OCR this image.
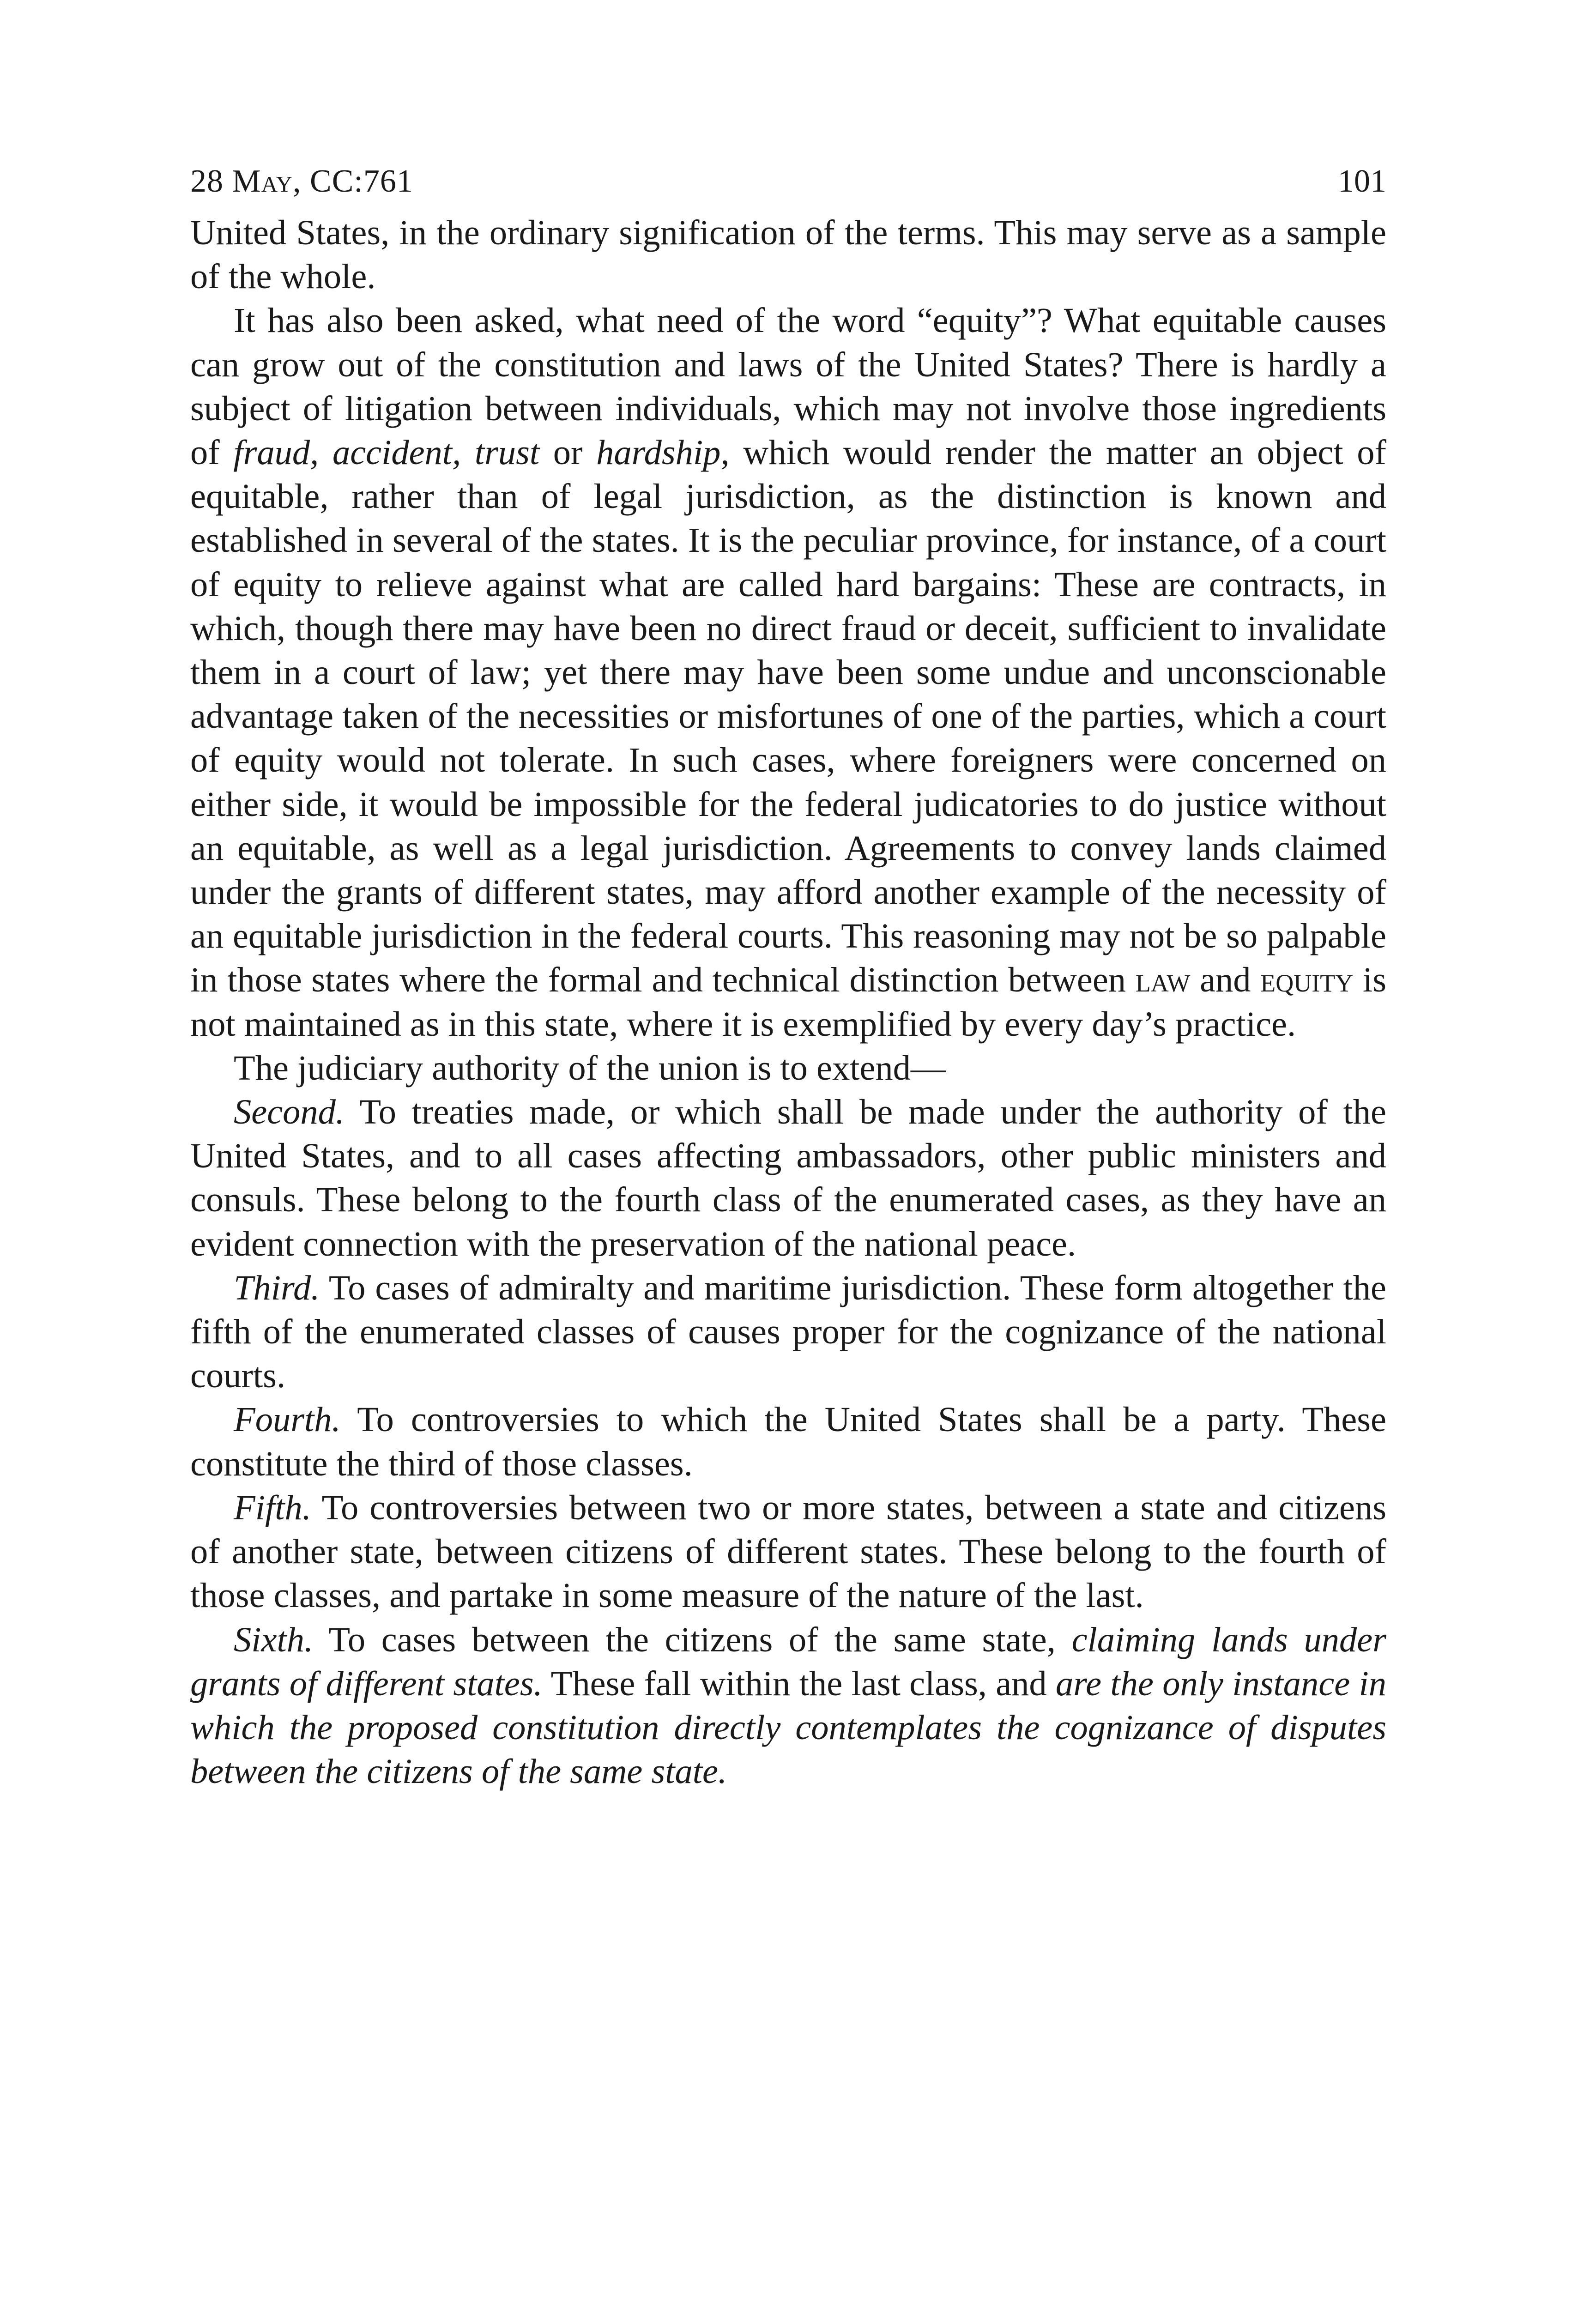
28 May, CC:761	101

United States, in the ordinary signification of the terms. This may serve as a sample of the whole.

It has also been asked, what need of the word “equity”? What equitable causes can grow out of the constitution and laws of the United States? There is hardly a subject of litigation between individuals, which may not involve those ingredients of fraud, accident, trust or hardship, which would render the matter an object of equitable, rather than of legal jurisdiction, as the distinction is known and established in several of the states. It is the peculiar province, for instance, of a court of equity to relieve against what are called hard bargains: These are contracts, in which, though there may have been no direct fraud or deceit, sufficient to invalidate them in a court of law; yet there may have been some undue and unconscionable advantage taken of the necessities or misfortunes of one of the parties, which a court of equity would not tolerate. In such cases, where foreigners were concerned on either side, it would be impossible for the federal judicatories to do justice without an equitable, as well as a legal jurisdiction. Agreements to convey lands claimed under the grants of different states, may afford another example of the necessity of an equitable jurisdiction in the federal courts. This reasoning may not be so palpable in those states where the formal and technical distinction between law and equity is not maintained as in this state, where it is exemplified by every day’s practice.

The judiciary authority of the union is to extend—

Second. To treaties made, or which shall be made under the authority of the United States, and to all cases affecting ambassadors, other public ministers and consuls. These belong to the fourth class of the enumerated cases, as they have an evident connection with the preservation of the national peace.

Third. To cases of admiralty and maritime jurisdiction. These form altogether the fifth of the enumerated classes of causes proper for the cognizance of the national courts.

Fourth. To controversies to which the United States shall be a party. These constitute the third of those classes.

Fifth. To controversies between two or more states, between a state and citizens of another state, between citizens of different states. These belong to the fourth of those classes, and partake in some measure of the nature of the last.

Sixth. To cases between the citizens of the same state, claiming lands under grants of different states. These fall within the last class, and are the only instance in which the proposed constitution directly contemplates the cognizance of disputes between the citizens of the same state.
